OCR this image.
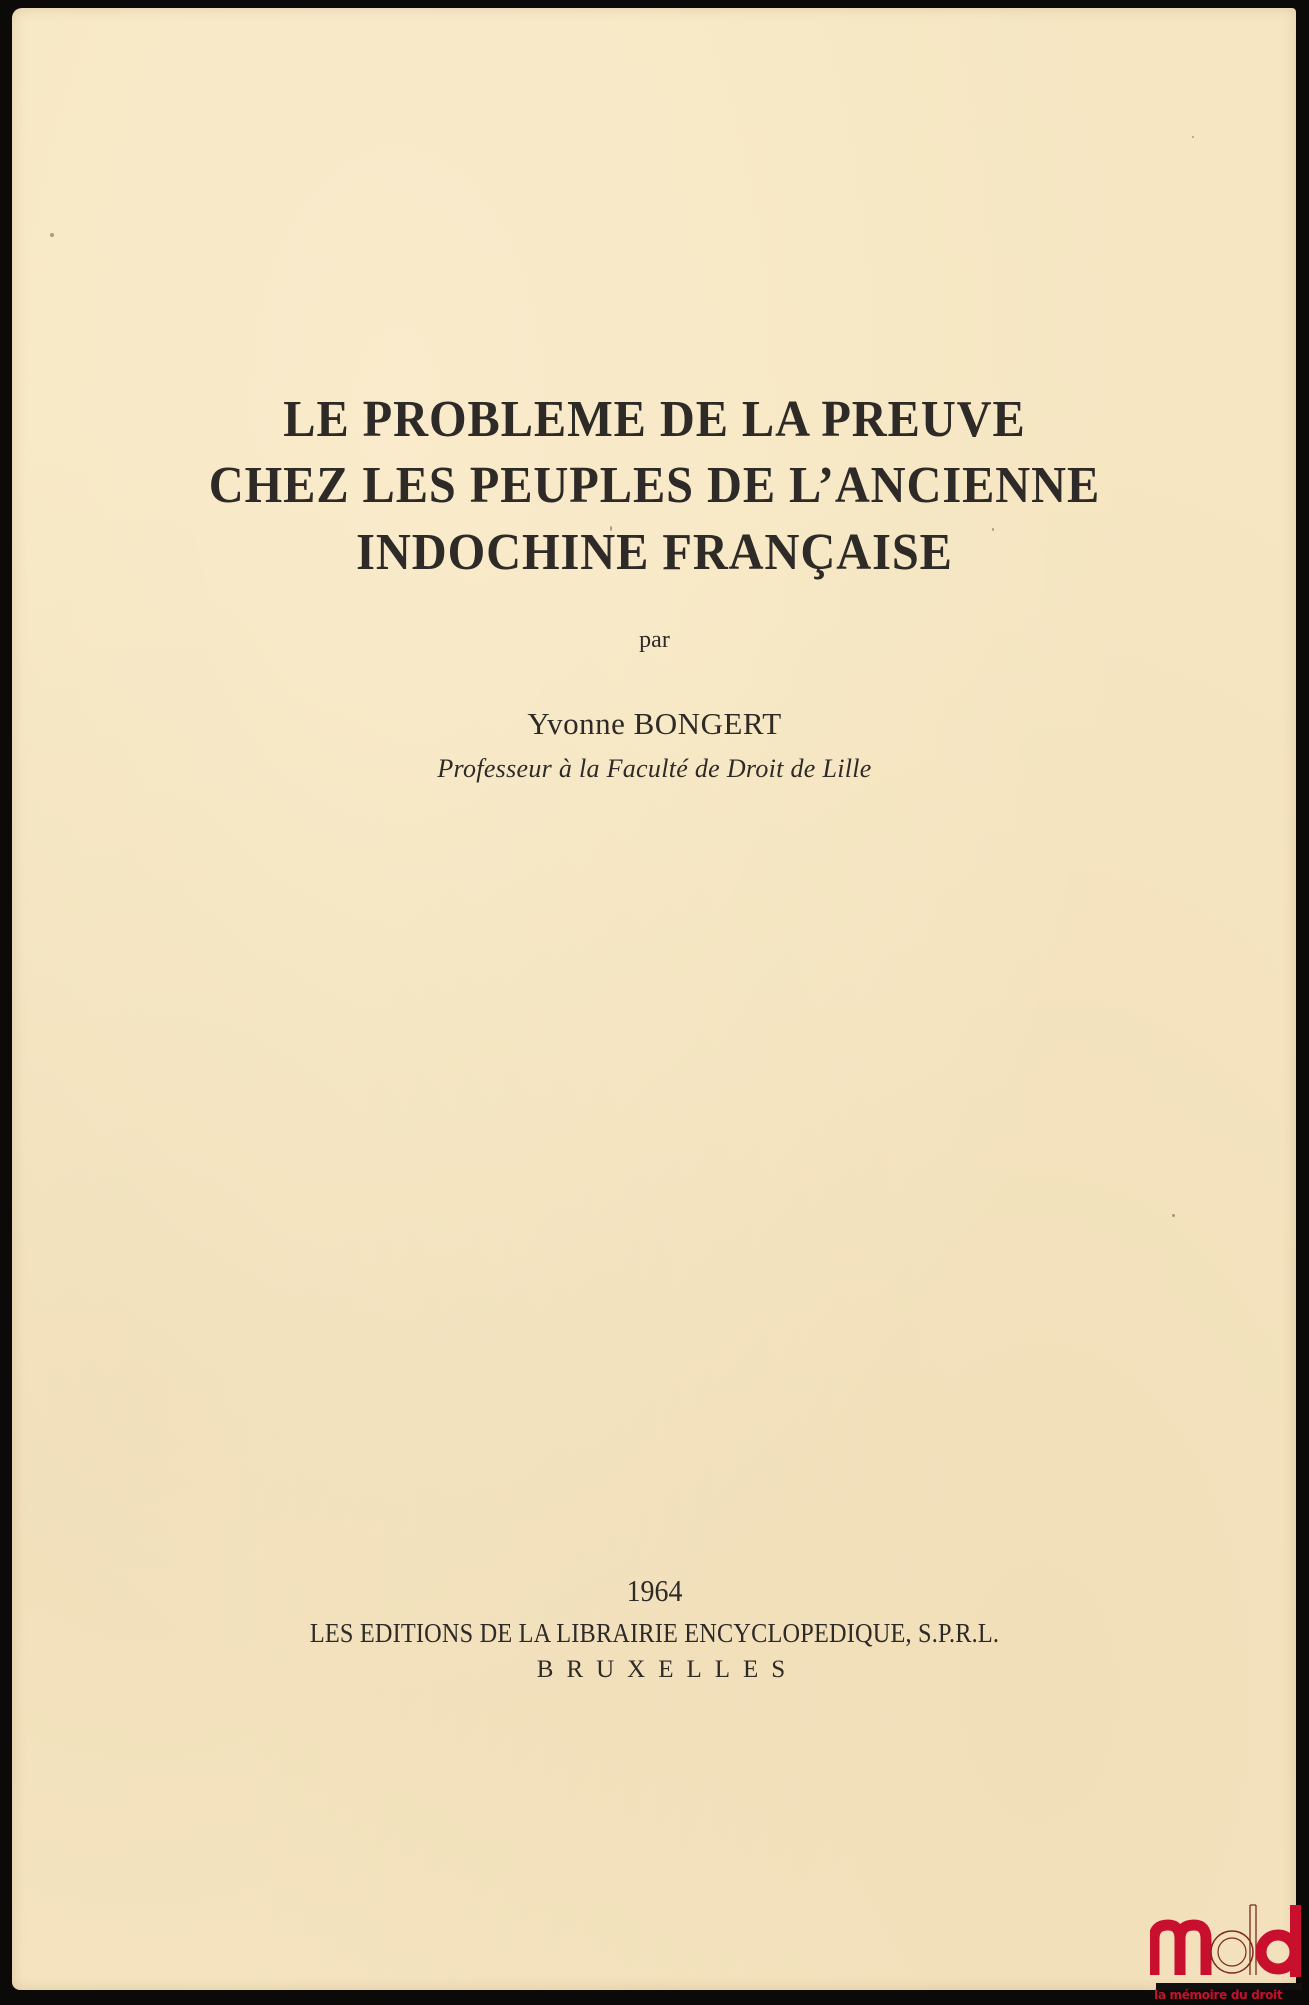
LE PROBLEME DE LA PREUVE
CHEZ LES PEUPLES DE L’ANCIENNE
INDOCHINE FRANÇAISE
par
Yvonne BONGERT
Professeur à la Faculté de Droit de Lille
1964
LES EDITIONS DE LA LIBRAIRIE ENCYCLOPEDIQUE, S.P.R.L.
BRUXELLES
la mémoire du droit
